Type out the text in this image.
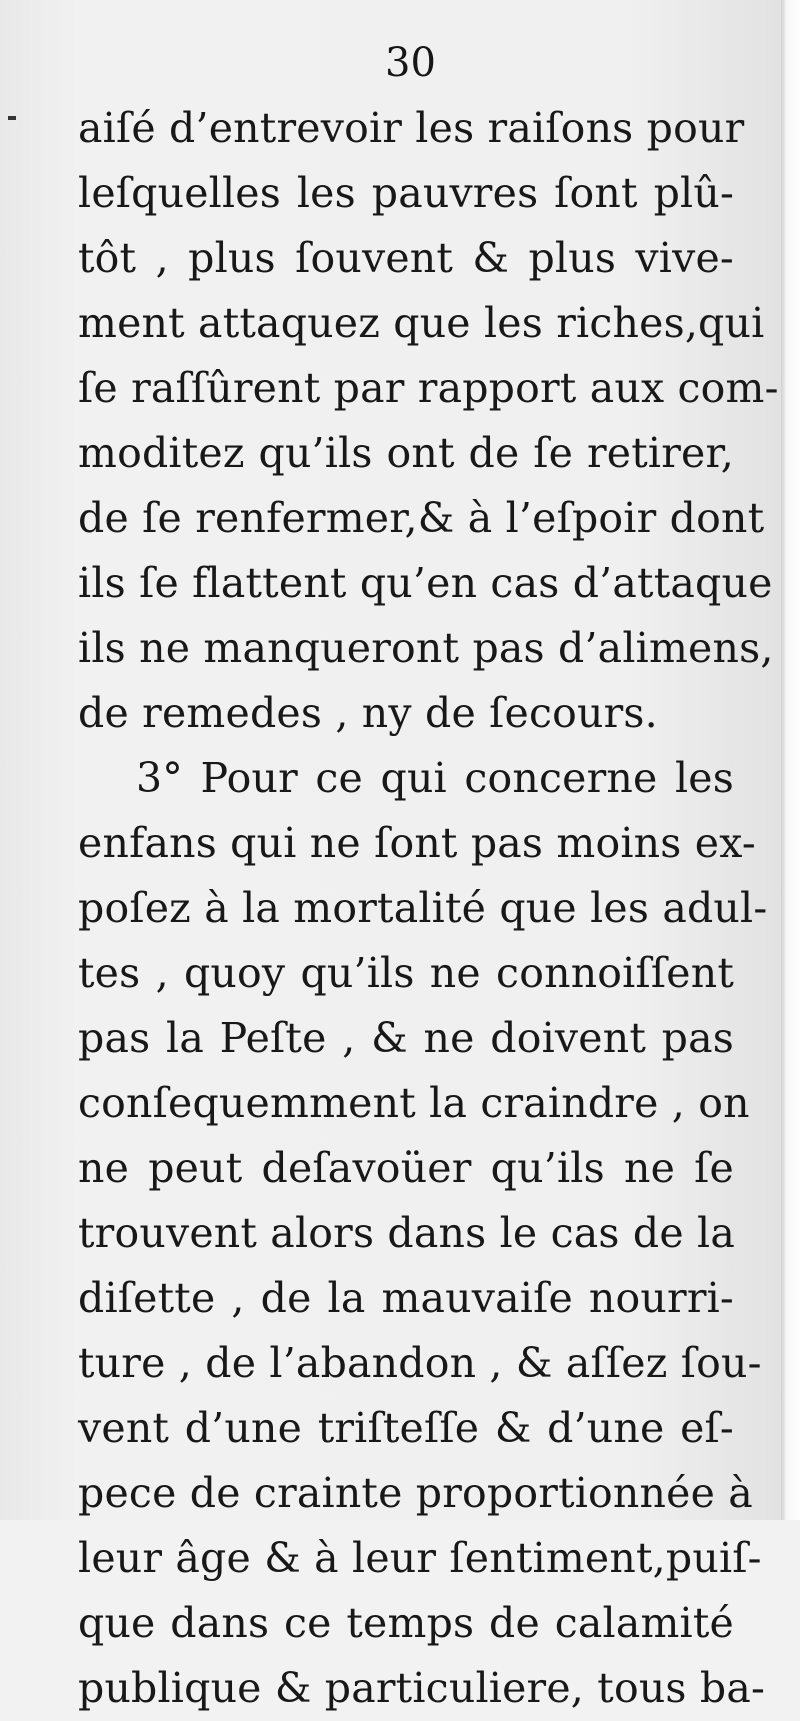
30
aiſé d’entrevoir les raiſons pour
leſquelles les pauvres ſont plû-
tôt , plus ſouvent & plus vive-
ment attaquez que les riches,qui
ſe raſſûrent par rapport aux com-
moditez qu’ils ont de ſe retirer,
de ſe renfermer,& à l’eſpoir dont
ils ſe flattent qu’en cas d’attaque
ils ne manqueront pas d’alimens,
de remedes , ny de ſecours.
3° Pour ce qui concerne les
enfans qui ne ſont pas moins ex-
poſez à la mortalité que les adul-
tes , quoy qu’ils ne connoiſſent
pas la Peſte , & ne doivent pas
conſequemment la craindre , on
ne peut deſavoüer qu’ils ne ſe
trouvent alors dans le cas de la
diſette , de la mauvaiſe nourri-
ture , de l’abandon , & aſſez ſou-
vent d’une triſteſſe & d’une eſ-
pece de crainte proportionnée à
leur âge & à leur ſentiment,puiſ-
que dans ce temps de calamité
publique & particuliere, tous ba-
